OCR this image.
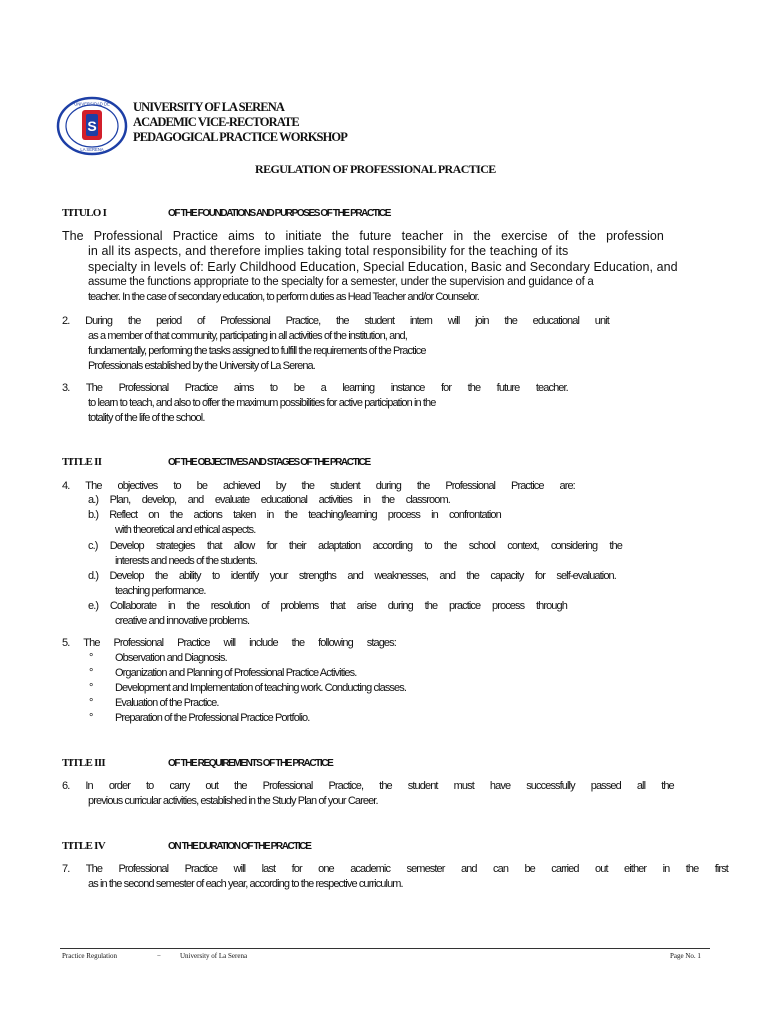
S
UNIVERSIDAD DE
LA SERENA
UNIVERSITY OF LA SERENA
ACADEMIC VICE-RECTORATE
PEDAGOGICAL PRACTICE WORKSHOP
REGULATION OF PROFESSIONAL PRACTICE
TITULO I	OF THE FOUNDATIONS AND PURPOSES OF THE PRACTICE
The Professional Practice aims to initiate the future teacher in the exercise of the profession
in all its aspects, and therefore implies taking total responsibility for the teaching of its
specialty in levels of: Early Childhood Education, Special Education, Basic and Secondary Education, and
assume the functions appropriate to the specialty for a semester, under the supervision and guidance of a
teacher. In the case of secondary education, to perform duties as Head Teacher and/or Counselor.
2. During the period of Professional Practice, the student intern will join the educational unit
as a member of that community, participating in all activities of the institution, and,
fundamentally, performing the tasks assigned to fulfill the requirements of the Practice
Professionals established by the University of La Serena.
3. The Professional Practice aims to be a learning instance for the future teacher.
to learn to teach, and also to offer the maximum possibilities for active participation in the
totality of the life of the school.
TITLE II	OF THE OBJECTIVES AND STAGES OF THE PRACTICE
4. The objectives to be achieved by the student during the Professional Practice are:
a.) Plan, develop, and evaluate educational activities in the classroom.
b.) Reflect on the actions taken in the teaching/learning process in confrontation
with theoretical and ethical aspects.
c.) Develop strategies that allow for their adaptation according to the school context, considering the
interests and needs of the students.
d.) Develop the ability to identify your strengths and weaknesses, and the capacity for self-evaluation.
teaching performance.
e.) Collaborate in the resolution of problems that arise during the practice process through
creative and innovative problems.
5. The Professional Practice will include the following stages:
° Observation and Diagnosis.
° Organization and Planning of Professional Practice Activities.
° Development and Implementation of teaching work. Conducting classes.
° Evaluation of the Practice.
° Preparation of the Professional Practice Portfolio.
TITLE III	OF THE REQUIREMENTS OF THE PRACTICE
6. In order to carry out the Professional Practice, the student must have successfully passed all the
previous curricular activities, established in the Study Plan of your Career.
TITLE IV	ON THE DURATION OF THE PRACTICE
7. The Professional Practice will last for one academic semester and can be carried out either in the first
as in the second semester of each year, according to the respective curriculum.
Practice Regulation	−	University of La Serena	Page No. 1
